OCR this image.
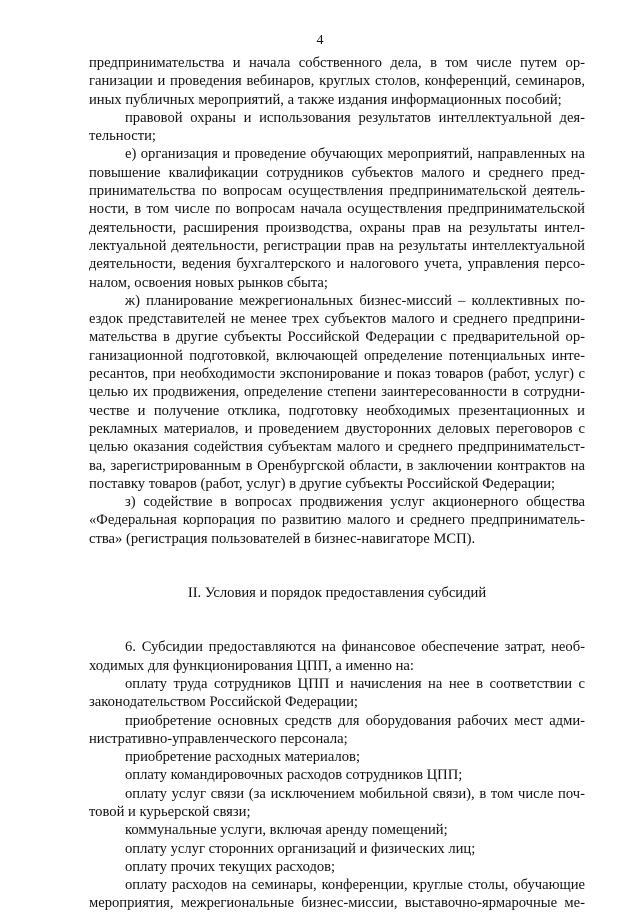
4

предпринимательства и начала собственного дела, в том числе путем ор-
ганизации и проведения вебинаров, круглых столов, конференций, семинаров,
иных публичных мероприятий, а также издания информационных пособий;

правовой охраны и использования результатов интеллектуальной дея-
тельности;

е) организация и проведение обучающих мероприятий, направленных на
повышение квалификации сотрудников субъектов малого и среднего пред-
принимательства по вопросам осуществления предпринимательской деятель-
ности, в том числе по вопросам начала осуществления предпринимательской
деятельности, расширения производства, охраны прав на результаты интел-
лектуальной деятельности, регистрации прав на результаты интеллектуальной
деятельности, ведения бухгалтерского и налогового учета, управления персо-
налом, освоения новых рынков сбыта;

ж) планирование межрегиональных бизнес-миссий – коллективных по-
ездок представителей не менее трех субъектов малого и среднего предприни-
мательства в другие субъекты Российской Федерации с предварительной ор-
ганизационной подготовкой, включающей определение потенциальных инте-
ресантов, при необходимости экспонирование и показ товаров (работ, услуг) с
целью их продвижения, определение степени заинтересованности в сотрудни-
честве и получение отклика, подготовку необходимых презентационных и
рекламных материалов, и проведением двусторонних деловых переговоров с
целью оказания содействия субъектам малого и среднего предпринимательст-
ва, зарегистрированным в Оренбургской области, в заключении контрактов на
поставку товаров (работ, услуг) в другие субъекты Российской Федерации;

з) содействие в вопросах продвижения услуг акционерного общества
«Федеральная корпорация по развитию малого и среднего предприниматель-
ства» (регистрация пользователей в бизнес-навигаторе МСП).

II. Условия и порядок предоставления субсидий

6. Субсидии предоставляются на финансовое обеспечение затрат, необ-
ходимых для функционирования ЦПП, а именно на:

оплату труда сотрудников ЦПП и начисления на нее в соответствии с
законодательством Российской Федерации;

приобретение основных средств для оборудования рабочих мест адми-
нистративно-управленческого персонала;

приобретение расходных материалов;

оплату командировочных расходов сотрудников ЦПП;

оплату услуг связи (за исключением мобильной связи), в том числе поч-
товой и курьерской связи;

коммунальные услуги, включая аренду помещений;

оплату услуг сторонних организаций и физических лиц;

оплату прочих текущих расходов;

оплату расходов на семинары, конференции, круглые столы, обучающие
мероприятия, межрегиональные бизнес-миссии, выставочно-ярмарочные ме-
